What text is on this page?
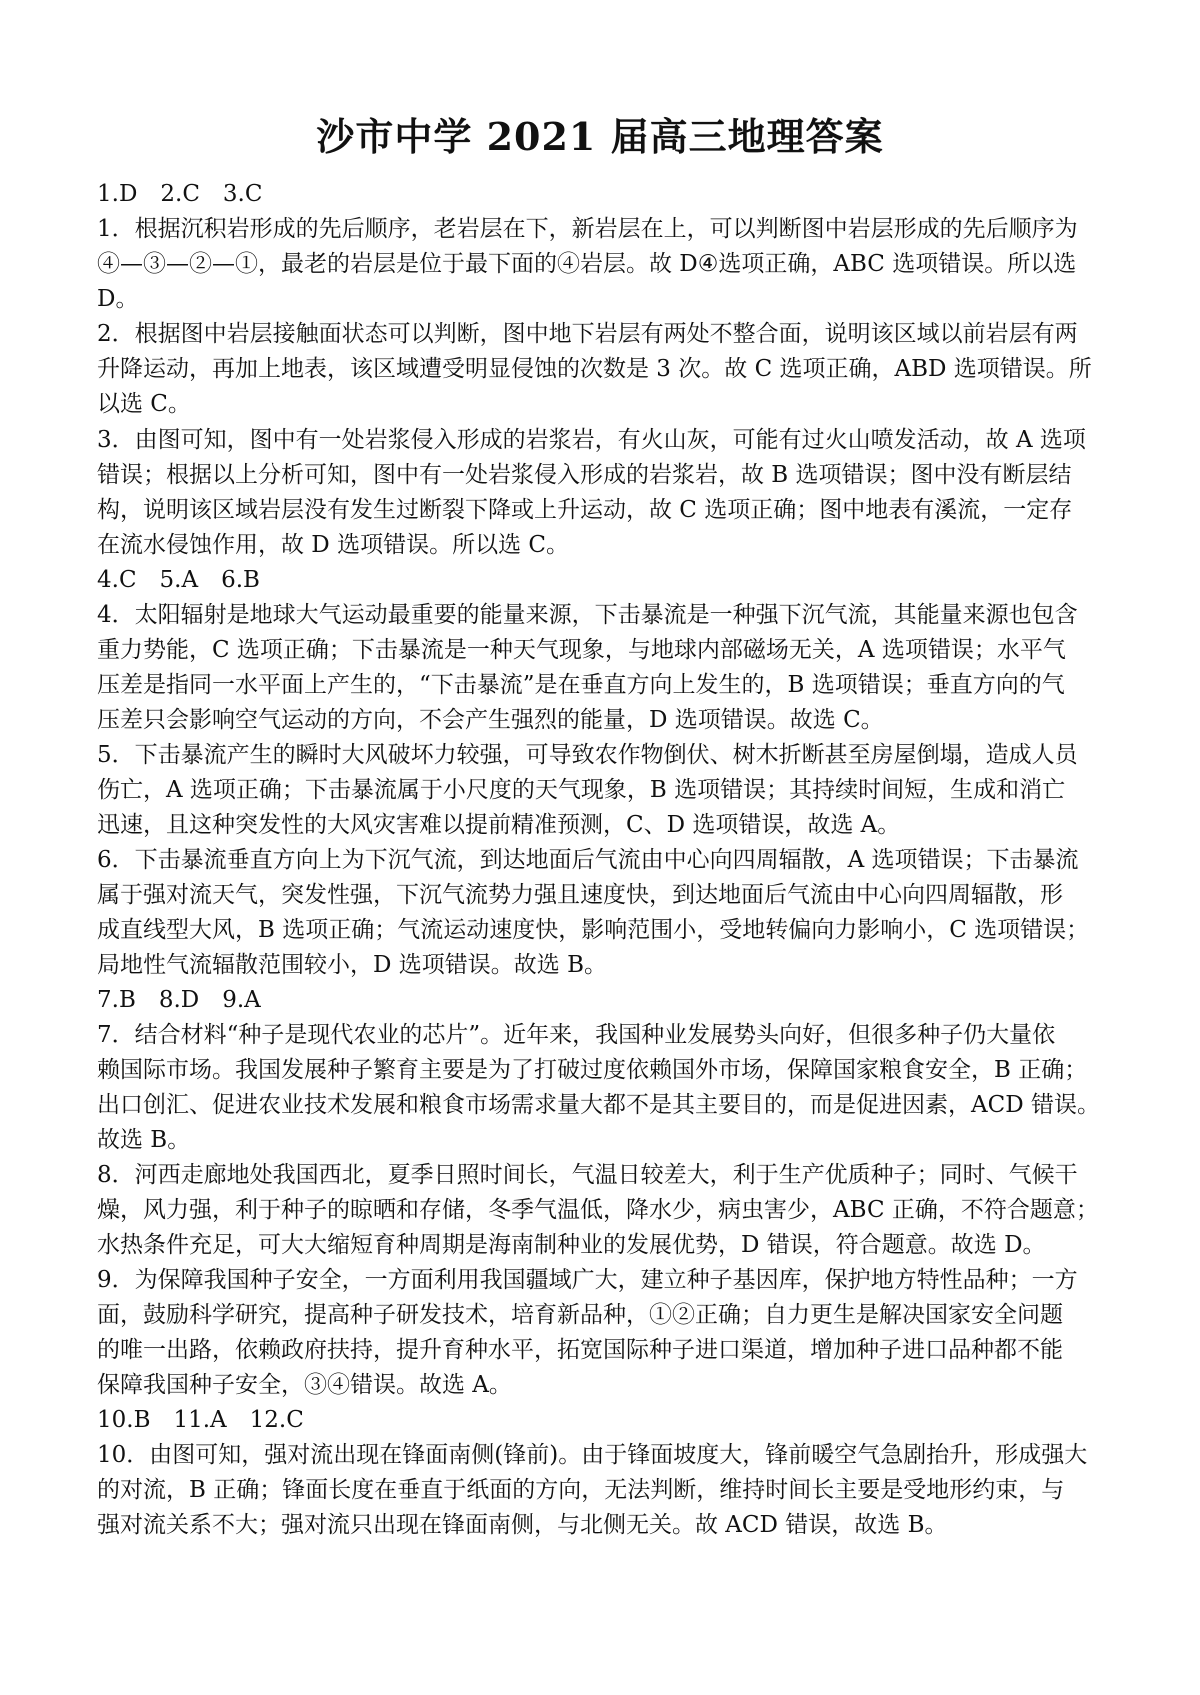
沙市中学 2021 届高三地理答案
1.D　2.C　3.C
1．根据沉积岩形成的先后顺序，老岩层在下，新岩层在上，可以判断图中岩层形成的先后顺序为
④—③—②—①，最老的岩层是位于最下面的④岩层。故 D④选项正确，ABC 选项错误。所以选
D。
2．根据图中岩层接触面状态可以判断，图中地下岩层有两处不整合面，说明该区域以前岩层有两
升降运动，再加上地表，该区域遭受明显侵蚀的次数是 3 次。故 C 选项正确，ABD 选项错误。所
以选 C。
3．由图可知，图中有一处岩浆侵入形成的岩浆岩，有火山灰，可能有过火山喷发活动，故 A 选项
错误；根据以上分析可知，图中有一处岩浆侵入形成的岩浆岩，故 B 选项错误；图中没有断层结
构，说明该区域岩层没有发生过断裂下降或上升运动，故 C 选项正确；图中地表有溪流，一定存
在流水侵蚀作用，故 D 选项错误。所以选 C。
4.C　5.A　6.B
4．太阳辐射是地球大气运动最重要的能量来源，下击暴流是一种强下沉气流，其能量来源也包含
重力势能，C 选项正确；下击暴流是一种天气现象，与地球内部磁场无关，A 选项错误；水平气
压差是指同一水平面上产生的，“下击暴流”是在垂直方向上发生的，B 选项错误；垂直方向的气
压差只会影响空气运动的方向，不会产生强烈的能量，D 选项错误。故选 C。
5．下击暴流产生的瞬时大风破坏力较强，可导致农作物倒伏、树木折断甚至房屋倒塌，造成人员
伤亡，A 选项正确；下击暴流属于小尺度的天气现象，B 选项错误；其持续时间短，生成和消亡
迅速，且这种突发性的大风灾害难以提前精准预测，C、D 选项错误，故选 A。
6．下击暴流垂直方向上为下沉气流，到达地面后气流由中心向四周辐散，A 选项错误；下击暴流
属于强对流天气，突发性强，下沉气流势力强且速度快，到达地面后气流由中心向四周辐散，形
成直线型大风，B 选项正确；气流运动速度快，影响范围小，受地转偏向力影响小，C 选项错误；
局地性气流辐散范围较小，D 选项错误。故选 B。
7.B　8.D　9.A
7．结合材料“种子是现代农业的芯片”。近年来，我国种业发展势头向好，但很多种子仍大量依
赖国际市场。我国发展种子繁育主要是为了打破过度依赖国外市场，保障国家粮食安全，B 正确；
出口创汇、促进农业技术发展和粮食市场需求量大都不是其主要目的，而是促进因素，ACD 错误。
故选 B。
8．河西走廊地处我国西北，夏季日照时间长，气温日较差大，利于生产优质种子；同时、气候干
燥，风力强，利于种子的晾晒和存储，冬季气温低，降水少，病虫害少，ABC 正确，不符合题意；
水热条件充足，可大大缩短育种周期是海南制种业的发展优势，D 错误，符合题意。故选 D。
9．为保障我国种子安全，一方面利用我国疆域广大，建立种子基因库，保护地方特性品种；一方
面，鼓励科学研究，提高种子研发技术，培育新品种，①②正确；自力更生是解决国家安全问题
的唯一出路，依赖政府扶持，提升育种水平，拓宽国际种子进口渠道，增加种子进口品种都不能
保障我国种子安全，③④错误。故选 A。
10.B　11.A　12.C
10．由图可知，强对流出现在锋面南侧(锋前)。由于锋面坡度大，锋前暖空气急剧抬升，形成强大
的对流，B 正确；锋面长度在垂直于纸面的方向，无法判断，维持时间长主要是受地形约束，与
强对流关系不大；强对流只出现在锋面南侧，与北侧无关。故 ACD 错误，故选 B。
